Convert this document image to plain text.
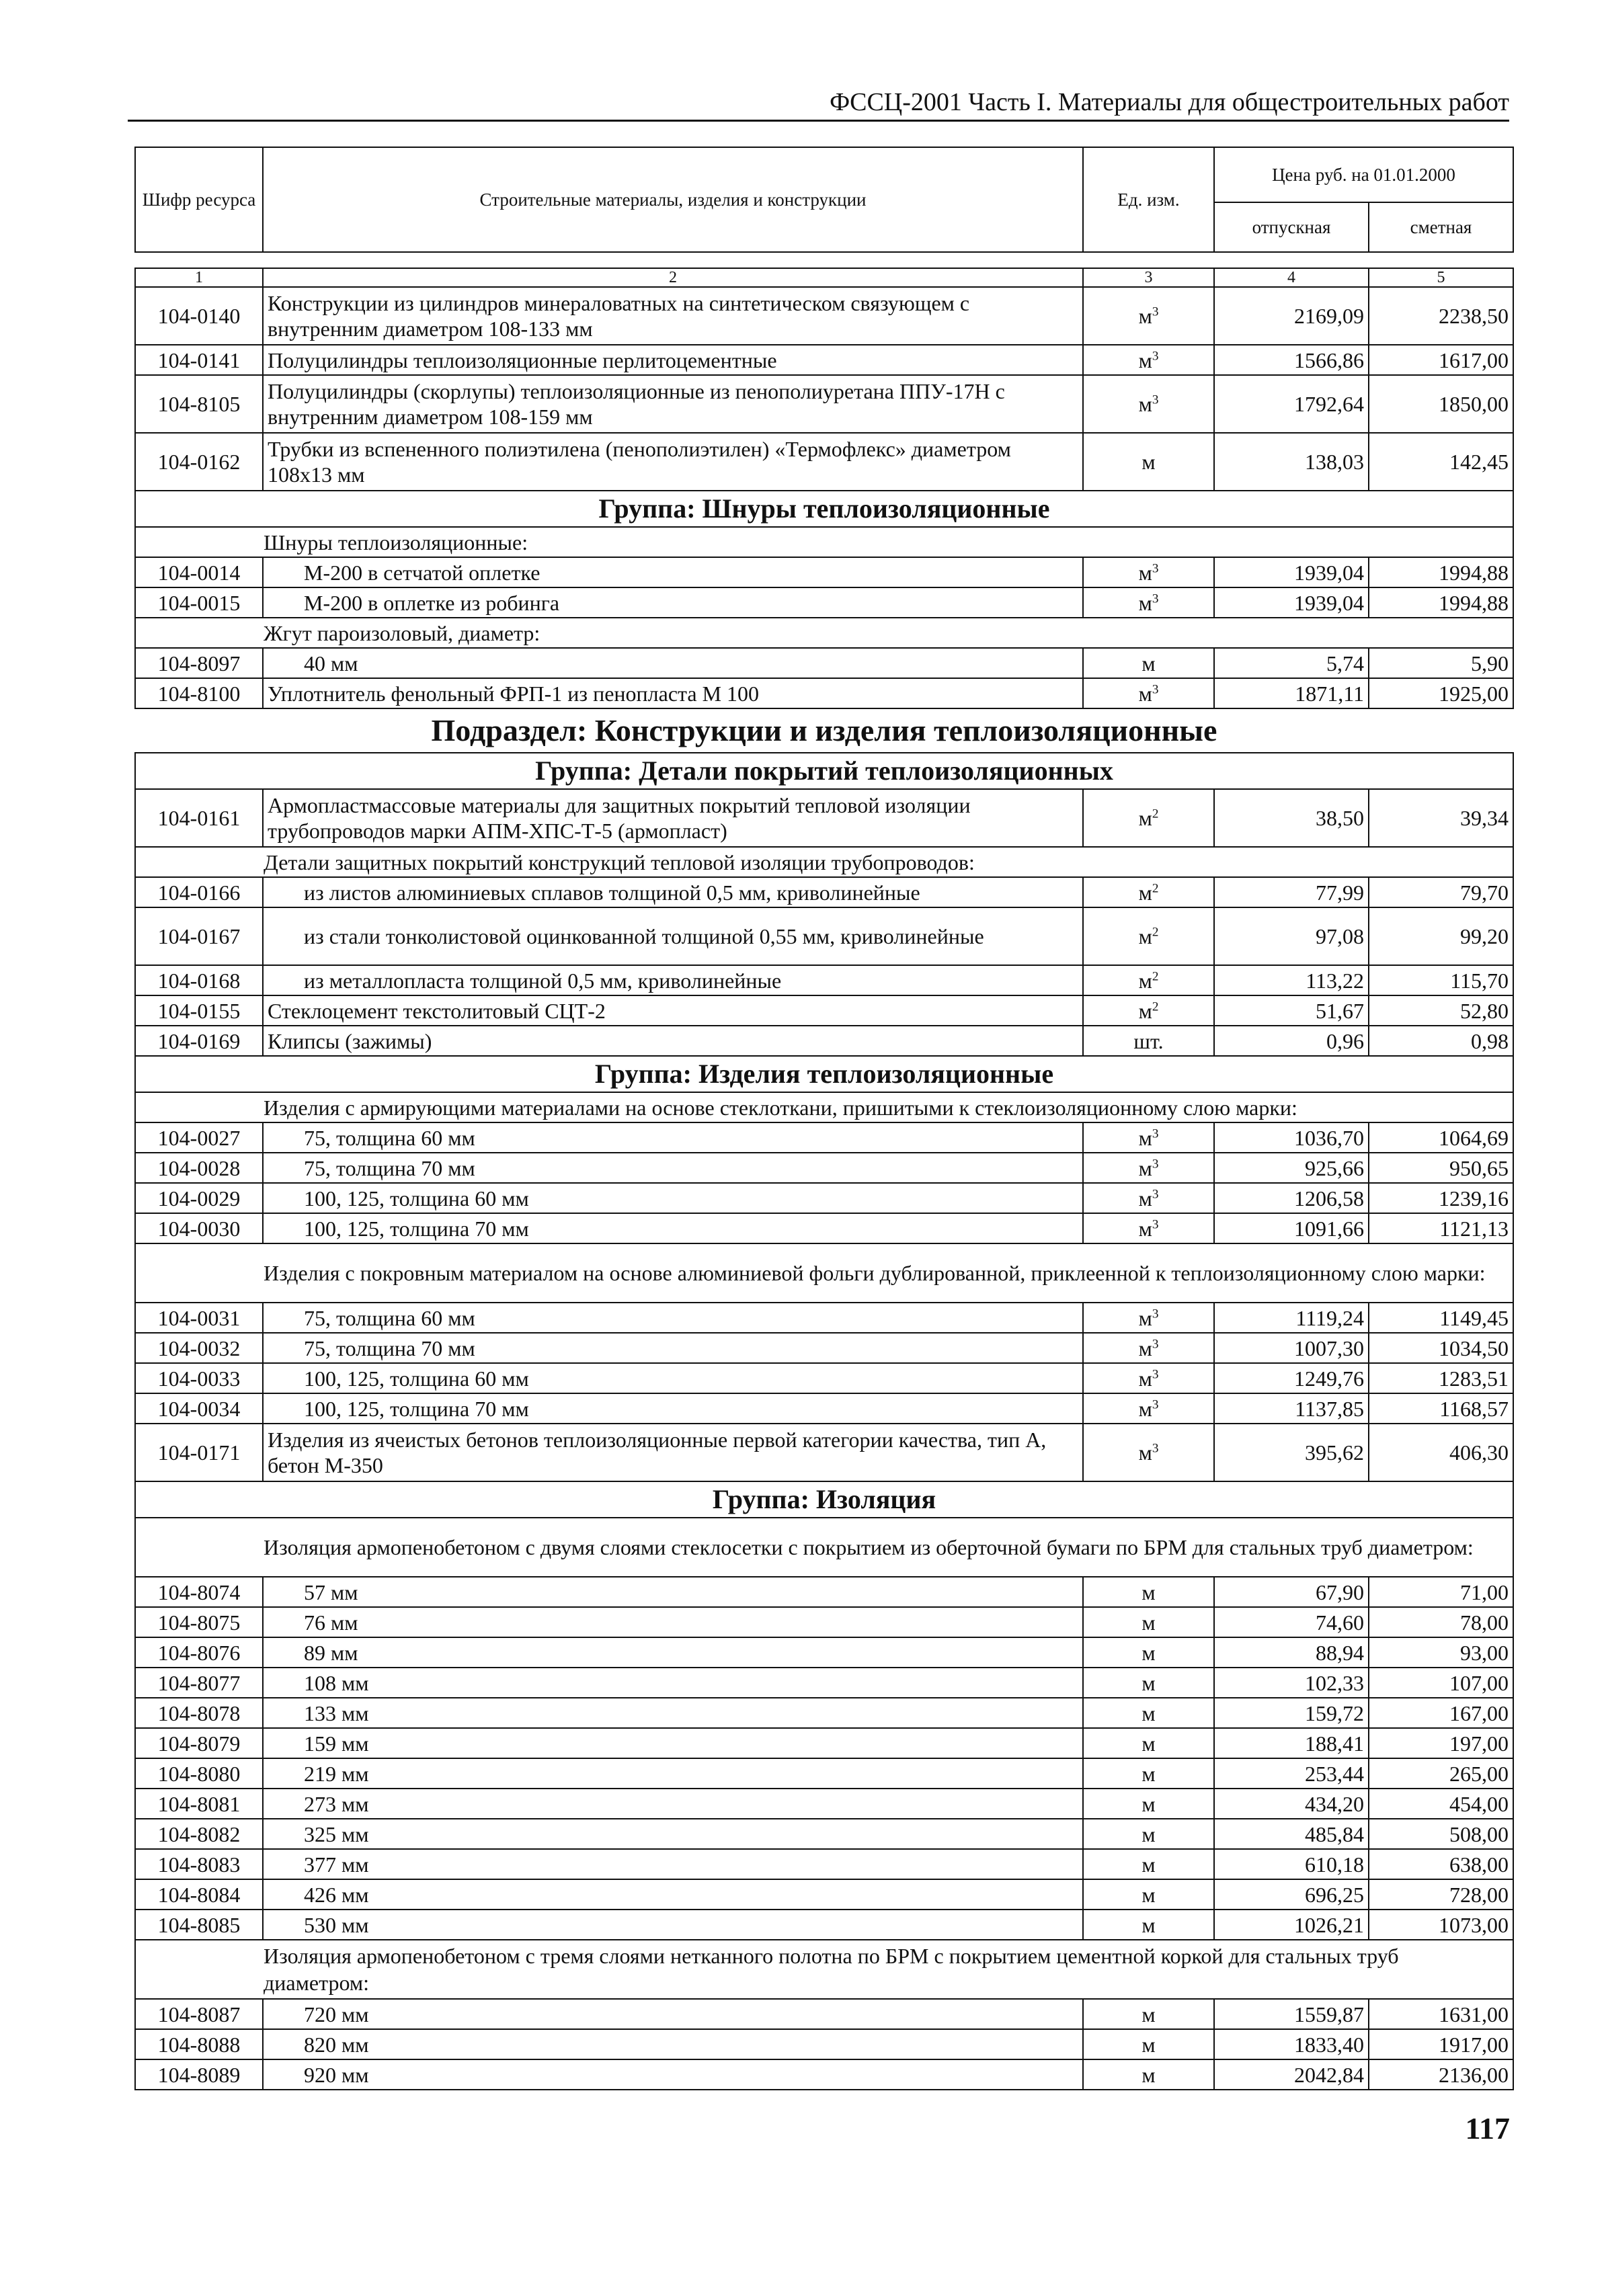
ФССЦ-2001 Часть I. Материалы для общестроительных работ
Шифр ресурса	Строительные материалы, изделия и конструкции	Ед. изм.	Цена руб. на 01.01.2000	
			отпускная	сметная

1	2	3	4	5
104-0140	Конструкции из цилиндров минераловатных на синтетическом связующем с внутренним диаметром 108-133 мм	$м^3$	2169,09	2238,50
104-0141	Полуцилиндры теплоизоляционные перлитоцементные	$м^3$	1566,86	1617,00
104-8105	Полуцилиндры (скорлупы) теплоизоляционные из пенополиуретана ППУ-17Н с внутренним диаметром 108-159 мм	$м^3$	1792,64	1850,00
104-0162	Трубки из вспененного полиэтилена (пенополиэтилен) «Термофлекс» диаметром 108х13 мм	м	138,03	142,45
Группа: Шнуры теплоизоляционные				
Шнуры теплоизоляционные:				
104-0014	М-200 в сетчатой оплетке	$м^3$	1939,04	1994,88
104-0015	М-200 в оплетке из робинга	$м^3$	1939,04	1994,88
Жгут пароизоловый, диаметр:				
104-8097	40 мм	м	5,74	5,90
104-8100	Уплотнитель фенольный ФРП-1 из пенопласта М 100	$м^3$	1871,11	1925,00
Подраздел: Конструкции и изделия теплоизоляционные				
Группа: Детали покрытий теплоизоляционных				
104-0161	Армопластмассовые материалы для защитных покрытий тепловой изоляции трубопроводов марки АПМ-ХПС-Т-5 (армопласт)	$м^2$	38,50	39,34
Детали защитных покрытий конструкций тепловой изоляции трубопроводов:				
104-0166	из листов алюминиевых сплавов толщиной 0,5 мм, криволинейные	$м^2$	77,99	79,70
104-0167	из стали тонколистовой оцинкованной толщиной 0,55 мм, криволинейные	$м^2$	97,08	99,20
104-0168	из металлопласта толщиной 0,5 мм, криволинейные	$м^2$	113,22	115,70
104-0155	Стеклоцемент текстолитовый СЦТ-2	$м^2$	51,67	52,80
104-0169	Клипсы (зажимы)	шт.	0,96	0,98
Группа: Изделия теплоизоляционные				
Изделия с армирующими материалами на основе стеклоткани, пришитыми к стеклоизоляционному слою марки:				
104-0027	75, толщина 60 мм	$м^3$	1036,70	1064,69
104-0028	75, толщина 70 мм	$м^3$	925,66	950,65
104-0029	100, 125, толщина 60 мм	$м^3$	1206,58	1239,16
104-0030	100, 125, толщина 70 мм	$м^3$	1091,66	1121,13
Изделия с покровным материалом на основе алюминиевой фольги дублированной, приклеенной к теплоизоляционному слою марки:				
104-0031	75, толщина 60 мм	$м^3$	1119,24	1149,45
104-0032	75, толщина 70 мм	$м^3$	1007,30	1034,50
104-0033	100, 125, толщина 60 мм	$м^3$	1249,76	1283,51
104-0034	100, 125, толщина 70 мм	$м^3$	1137,85	1168,57
104-0171	Изделия из ячеистых бетонов теплоизоляционные первой категории качества, тип А, бетон М-350	$м^3$	395,62	406,30
Группа: Изоляция				
Изоляция армопенобетоном с двумя слоями стеклосетки с покрытием из оберточной бумаги по БРМ для стальных труб диаметром:				
104-8074	57 мм	м	67,90	71,00
104-8075	76 мм	м	74,60	78,00
104-8076	89 мм	м	88,94	93,00
104-8077	108 мм	м	102,33	107,00
104-8078	133 мм	м	159,72	167,00
104-8079	159 мм	м	188,41	197,00
104-8080	219 мм	м	253,44	265,00
104-8081	273 мм	м	434,20	454,00
104-8082	325 мм	м	485,84	508,00
104-8083	377 мм	м	610,18	638,00
104-8084	426 мм	м	696,25	728,00
104-8085	530 мм	м	1026,21	1073,00
Изоляция армопенобетоном с тремя слоями нетканного полотна по БРМ с покрытием цементной коркой для стальных труб диаметром:				
104-8087	720 мм	м	1559,87	1631,00
104-8088	820 мм	м	1833,40	1917,00
104-8089	920 мм	м	2042,84	2136,00
117
